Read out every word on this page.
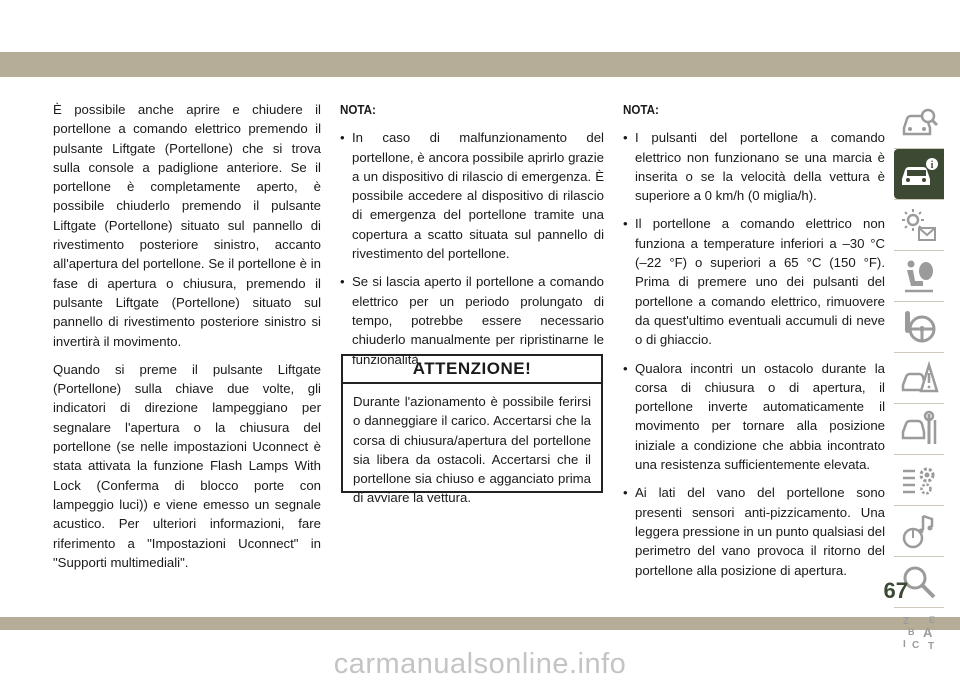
È possibile anche aprire e chiudere il portellone a comando elettrico premendo il pulsante Liftgate (Portellone) che si trova sulla console a padiglione anteriore. Se il portellone è completamente aperto, è possibile chiuderlo premendo il pulsante Liftgate (Portellone) situato sul pannello di rivestimento posteriore sinistro, accanto all'apertura del portellone. Se il portellone è in fase di apertura o chiusura, premendo il pulsante Liftgate (Portellone) situato sul pannello di rivestimento posteriore sinistro si invertirà il movimento.

Quando si preme il pulsante Liftgate (Portellone) sulla chiave due volte, gli indicatori di direzione lampeggiano per segnalare l'apertura o la chiusura del portellone (se nelle impostazioni Uconnect è stata attivata la funzione Flash Lamps With Lock (Conferma di blocco porte con lampeggio luci)) e viene emesso un segnale acustico. Per ulteriori informazioni, fare riferimento a "Impostazioni Uconnect" in "Supporti multimediali".

NOTA:
• In caso di malfunzionamento del portellone, è ancora possibile aprirlo grazie a un dispositivo di rilascio di emergenza. È possibile accedere al dispositivo di rilascio di emergenza del portellone tramite una copertura a scatto situata sul pannello di rivestimento del portellone.
• Se si lascia aperto il portellone a comando elettrico per un periodo prolungato di tempo, potrebbe essere necessario chiuderlo manualmente per ripristinarne le funzionalità.
ATTENZIONE!
Durante l'azionamento è possibile ferirsi o danneggiare il carico. Accertarsi che la corsa di chiusura/apertura del portellone sia libera da ostacoli. Accertarsi che il portellone sia chiuso e agganciato prima di avviare la vettura.
NOTA:
• I pulsanti del portellone a comando elettrico non funzionano se una marcia è inserita o se la velocità della vettura è superiore a 0 km/h (0 miglia/h).
• Il portellone a comando elettrico non funziona a temperature inferiori a –30 °C (–22 °F) o superiori a 65 °C (150 °F). Prima di premere uno dei pulsanti del portellone a comando elettrico, rimuovere da quest'ultimo eventuali accumuli di neve o di ghiaccio.
• Qualora incontri un ostacolo durante la corsa di chiusura o di apertura, il portellone inverte automaticamente il movimento per tornare alla posizione iniziale a condizione che abbia incontrato una resistenza sufficientemente elevata.
• Ai lati del vano del portellone sono presenti sensori anti-pizzicamento. Una leggera pressione in un punto qualsiasi del perimetro del vano provoca il ritorno del portellone alla posizione di apertura.
i
Z E
B A
I C T
67
carmanualsonline.info
